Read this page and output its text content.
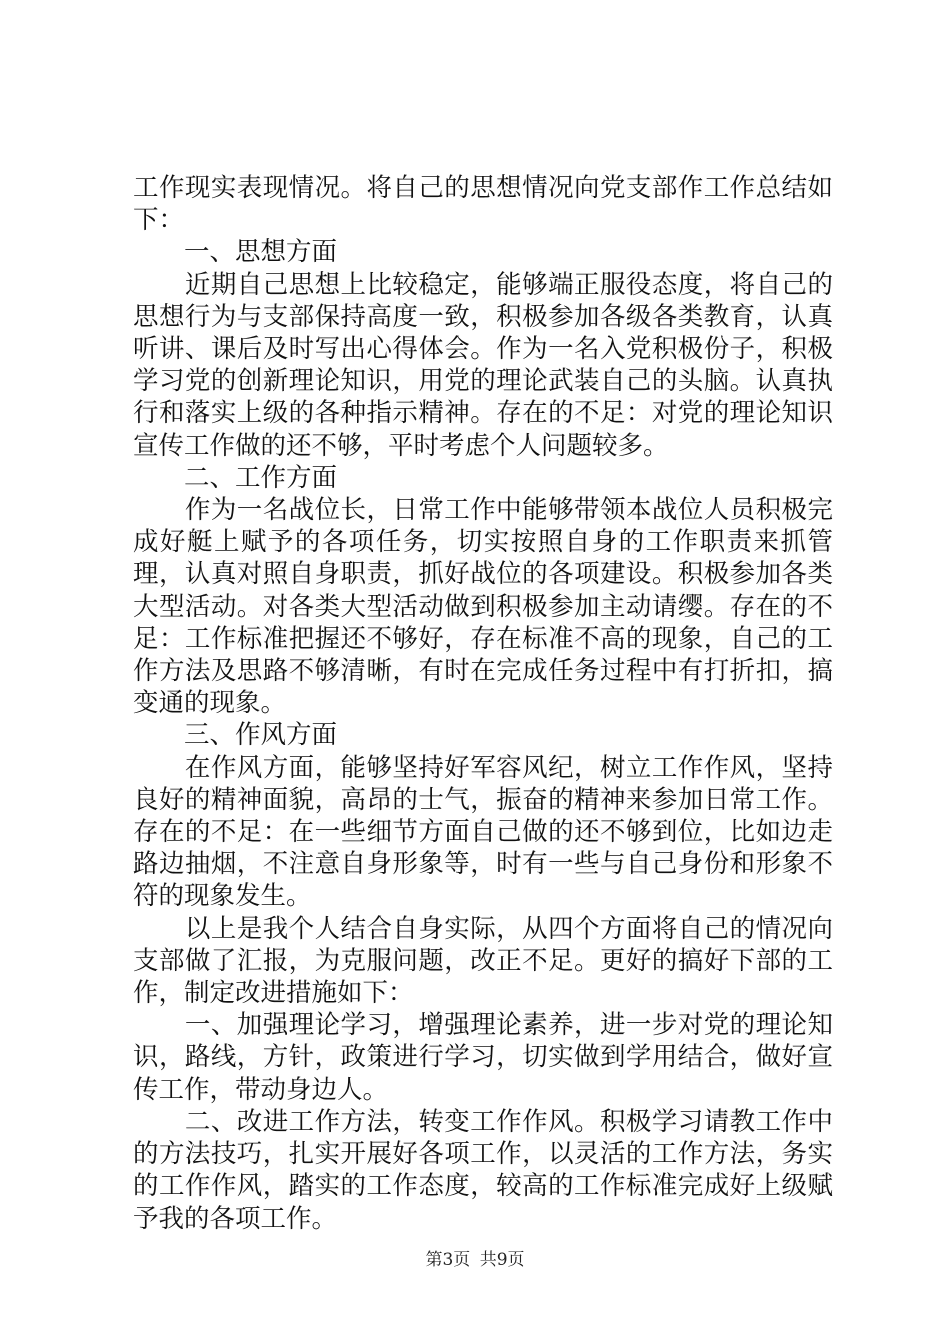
工作现实表现情况。将自己的思想情况向党支部作工作总结如下：

　　一、思想方面

　　近期自己思想上比较稳定，能够端正服役态度，将自己的思想行为与支部保持高度一致，积极参加各级各类教育，认真听讲、课后及时写出心得体会。作为一名入党积极份子，积极学习党的创新理论知识，用党的理论武装自己的头脑。认真执行和落实上级的各种指示精神。存在的不足：对党的理论知识宣传工作做的还不够，平时考虑个人问题较多。

　　二、工作方面

　　作为一名战位长，日常工作中能够带领本战位人员积极完成好艇上赋予的各项任务，切实按照自身的工作职责来抓管理，认真对照自身职责，抓好战位的各项建设。积极参加各类大型活动。对各类大型活动做到积极参加主动请缨。存在的不足：工作标准把握还不够好，存在标准不高的现象，自己的工作方法及思路不够清晰，有时在完成任务过程中有打折扣，搞变通的现象。

　　三、作风方面

　　在作风方面，能够坚持好军容风纪，树立工作作风，坚持良好的精神面貌，高昂的士气，振奋的精神来参加日常工作。存在的不足：在一些细节方面自己做的还不够到位，比如边走路边抽烟，不注意自身形象等，时有一些与自己身份和形象不符的现象发生。

　　以上是我个人结合自身实际，从四个方面将自己的情况向支部做了汇报，为克服问题，改正不足。更好的搞好下部的工作，制定改进措施如下：

　　一、加强理论学习，增强理论素养，进一步对党的理论知识，路线，方针，政策进行学习，切实做到学用结合，做好宣传工作，带动身边人。

　　二、改进工作方法，转变工作作风。积极学习请教工作中的方法技巧，扎实开展好各项工作，以灵活的工作方法，务实的工作作风，踏实的工作态度，较高的工作标准完成好上级赋予我的各项工作。

第3页 共9页
